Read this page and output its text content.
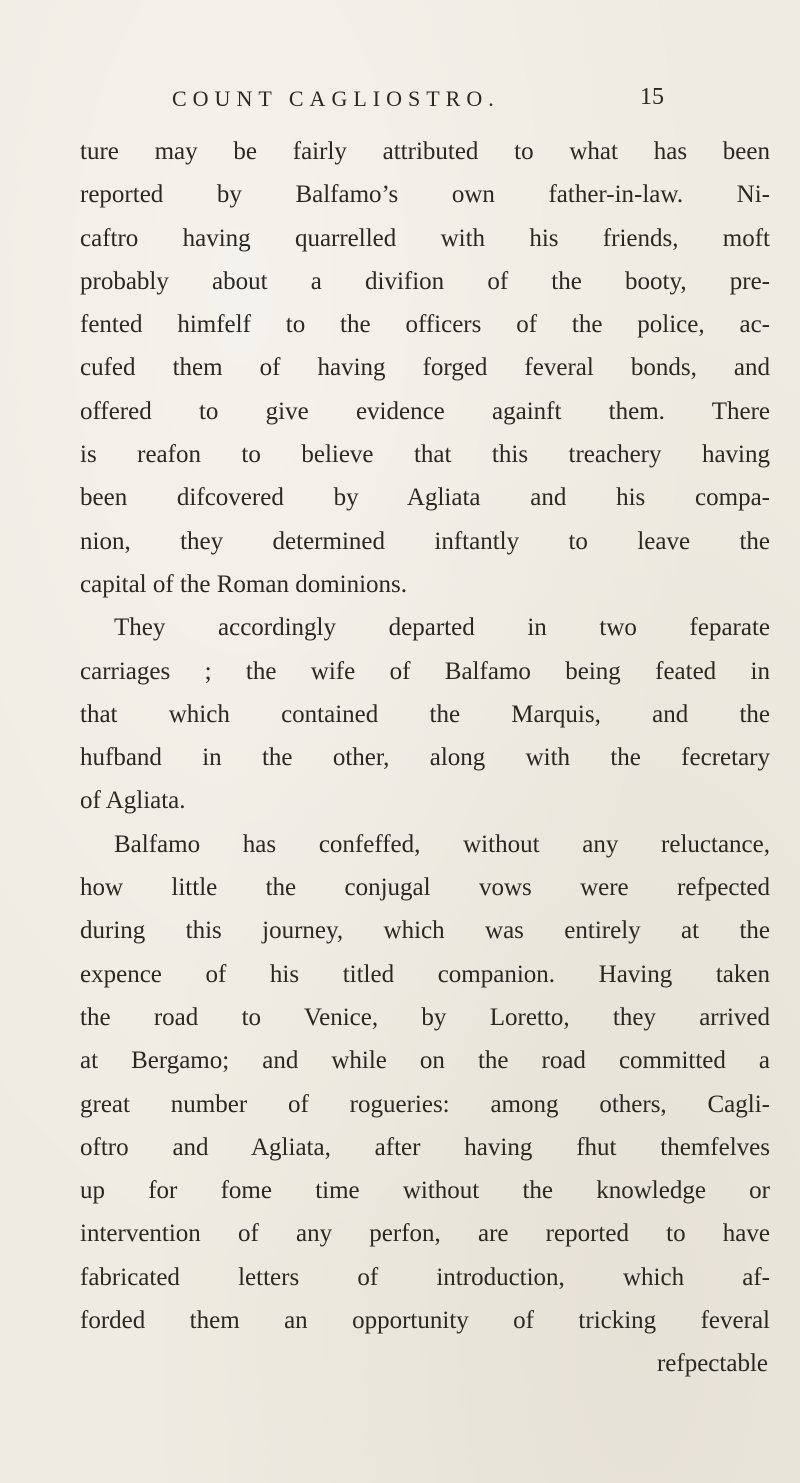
COUNT CAGLIOSTRO.	15
ture may be fairly attributed to what has been
reported by Balfamo’s own father-in-law. Ni-
caftro having quarrelled with his friends, moft
probably about a divifion of the booty, pre-
fented himfelf to the officers of the police, ac-
cufed them of having forged feveral bonds, and
offered to give evidence againft them. There
is reafon to believe that this treachery having
been difcovered by Agliata and his compa-
nion, they determined inftantly to leave the
capital of the Roman dominions.
They accordingly departed in two feparate
carriages ; the wife of Balfamo being feated in
that which contained the Marquis, and the
hufband in the other, along with the fecretary
of Agliata.
Balfamo has confeffed, without any reluctance,
how little the conjugal vows were refpected
during this journey, which was entirely at the
expence of his titled companion. Having taken
the road to Venice, by Loretto, they arrived
at Bergamo; and while on the road committed a
great number of rogueries: among others, Cagli-
oftro and Agliata, after having fhut themfelves
up for fome time without the knowledge or
intervention of any perfon, are reported to have
fabricated letters of introduction, which af-
forded them an opportunity of tricking feveral
refpectable
